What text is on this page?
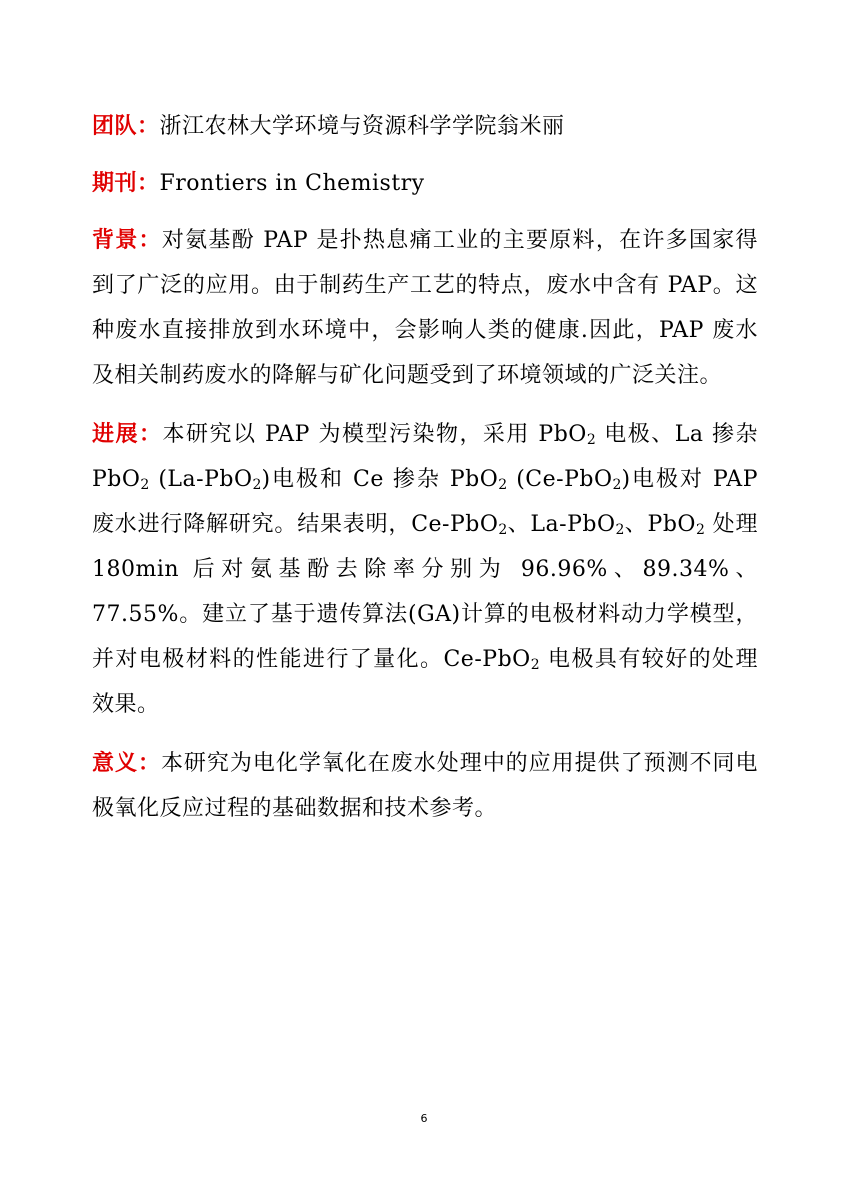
团队：浙江农林大学环境与资源科学学院翁米丽

期刊：Frontiers in Chemistry

背景：对氨基酚 PAP 是扑热息痛工业的主要原料，在许多国家得到了广泛的应用。由于制药生产工艺的特点，废水中含有 PAP。这种废水直接排放到水环境中，会影响人类的健康.因此，PAP 废水及相关制药废水的降解与矿化问题受到了环境领域的广泛关注。

进展：本研究以 PAP 为模型污染物，采用 PbO$_2$ 电极、La 掺杂 PbO$_2$ (La-PbO$_2$)电极和 Ce 掺杂 PbO$_2$ (Ce-PbO$_2$)电极对 PAP 废水进行降解研究。结果表明，Ce-PbO$_2$、La-PbO$_2$、PbO$_2$ 处理 180min 后对氨基酚去除率分别为 96.96%、89.34%、77.55%。建立了基于遗传算法(GA)计算的电极材料动力学模型，并对电极材料的性能进行了量化。Ce-PbO$_2$ 电极具有较好的处理效果。

意义：本研究为电化学氧化在废水处理中的应用提供了预测不同电极氧化反应过程的基础数据和技术参考。

6
